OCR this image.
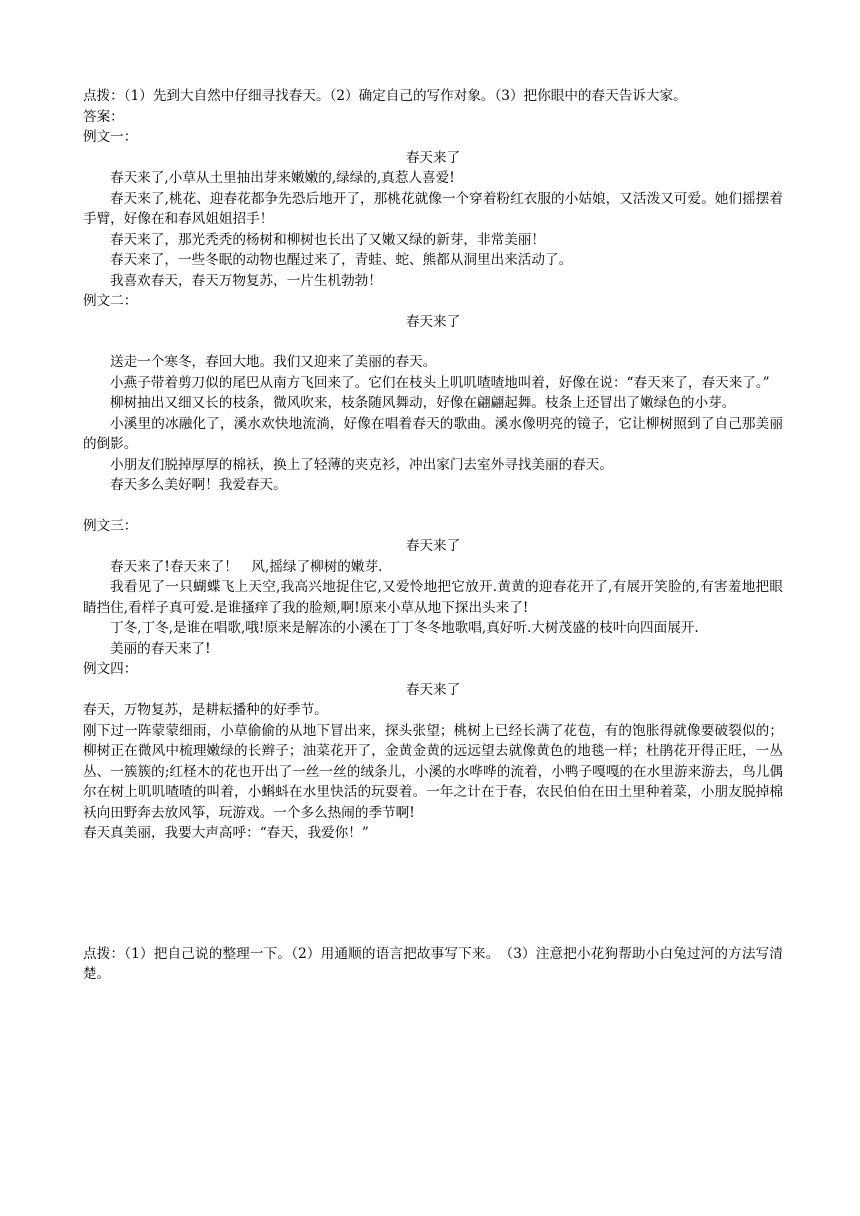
点拨：（1）先到大自然中仔细寻找春天。（2）确定自己的写作对象。（3）把你眼中的春天告诉大家。
答案：
例文一：
春天来了
春天来了,小草从土里抽出芽来嫩嫩的,绿绿的,真惹人喜爱!
春天来了,桃花、迎春花都争先恐后地开了，那桃花就像一个穿着粉红衣服的小姑娘，又活泼又可爱。她们摇摆着手臂，好像在和春风姐姐招手！
春天来了，那光秃秃的杨树和柳树也长出了又嫩又绿的新芽，非常美丽！
春天来了，一些冬眠的动物也醒过来了，青蛙、蛇、熊都从洞里出来活动了。
我喜欢春天，春天万物复苏，一片生机勃勃！
例文二：
春天来了
送走一个寒冬，春回大地。我们又迎来了美丽的春天。
小燕子带着剪刀似的尾巴从南方飞回来了。它们在枝头上叽叽喳喳地叫着，好像在说：“春天来了，春天来了。”
柳树抽出又细又长的枝条，微风吹来，枝条随风舞动，好像在翩翩起舞。枝条上还冒出了嫩绿色的小芽。
小溪里的冰融化了，溪水欢快地流淌，好像在唱着春天的歌曲。溪水像明亮的镜子，它让柳树照到了自己那美丽的倒影。
小朋友们脱掉厚厚的棉袄，换上了轻薄的夹克衫，冲出家门去室外寻找美丽的春天。
春天多么美好啊！我爱春天。
例文三：
春天来了
春天来了!春天来了！　风,摇绿了柳树的嫩芽.
我看见了一只蝴蝶飞上天空,我高兴地捉住它,又爱怜地把它放开.黄黄的迎春花开了,有展开笑脸的,有害羞地把眼睛挡住,看样子真可爱.是谁搔痒了我的脸颊,啊!原来小草从地下探出头来了!
丁冬,丁冬,是谁在唱歌,哦!原来是解冻的小溪在丁丁冬冬地歌唱,真好听.大树茂盛的枝叶向四面展开.
美丽的春天来了!
例文四：
春天来了
春天，万物复苏，是耕耘播种的好季节。
刚下过一阵蒙蒙细雨，小草偷偷的从地下冒出来，探头张望；桃树上已经长满了花苞，有的饱胀得就像要破裂似的；柳树正在微风中梳理嫩绿的长辫子；油菜花开了，金黄金黄的远远望去就像黄色的地毯一样；杜鹃花开得正旺，一丛丛、一簇簇的;红柽木的花也开出了一丝一丝的绒条儿，小溪的水哗哗的流着，小鸭子嘎嘎的在水里游来游去，鸟儿偶尔在树上叽叽喳喳的叫着，小蝌蚪在水里快活的玩耍着。一年之计在于春，农民伯伯在田土里种着菜，小朋友脱掉棉袄向田野奔去放风筝，玩游戏。一个多么热闹的季节啊!
春天真美丽，我要大声高呼：“春天，我爱你！”
点拨：（1）把自己说的整理一下。（2）用通顺的语言把故事写下来。　（3）注意把小花狗帮助小白兔过河的方法写清楚。
